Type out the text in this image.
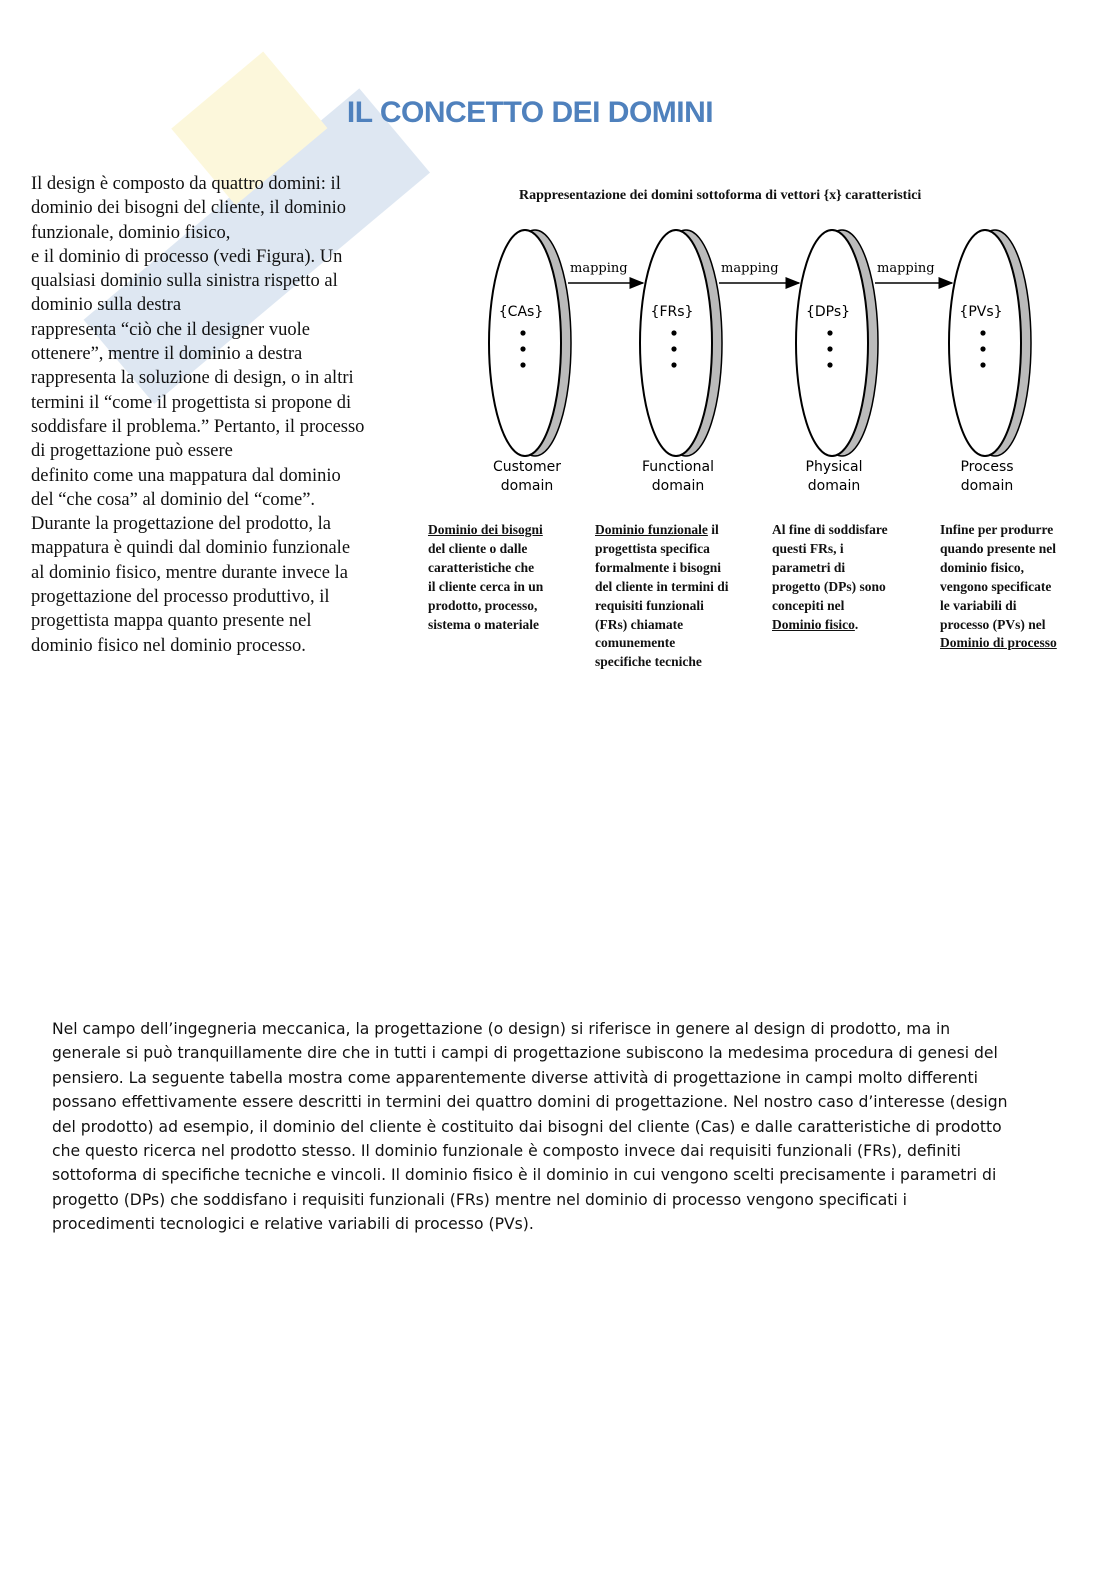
IL CONCETTO DEI DOMINI
Il design è composto da quattro domini: il
dominio dei bisogni del cliente, il dominio
funzionale, dominio fisico,
e il dominio di processo (vedi Figura). Un
qualsiasi dominio sulla sinistra rispetto al
dominio sulla destra
rappresenta “ciò che il designer vuole
ottenere”, mentre il dominio a destra
rappresenta la soluzione di design, o in altri
termini il “come il progettista si propone di
soddisfare il problema.” Pertanto, il processo
di progettazione può essere
definito come una mappatura dal dominio
del “che cosa” al dominio del “come”.
Durante la progettazione del prodotto, la
mappatura è quindi dal dominio funzionale
al dominio fisico, mentre durante invece la
progettazione del processo produttivo, il
progettista mappa quanto presente nel
dominio fisico nel dominio processo.
Rappresentazione dei domini sottoforma di vettori {x} caratteristici
{CAs}
Customer
domain
mapping
{FRs}
Functional
domain
mapping
{DPs}
Physical
domain
mapping
{PVs}
Process
domain
Dominio dei bisogni
del cliente o dalle
caratteristiche che
il cliente cerca in un
prodotto, processo,
sistema o materiale
Dominio funzionale il
progettista specifica
formalmente i bisogni
del cliente in termini di
requisiti funzionali
(FRs) chiamate
comunemente
specifiche tecniche
Al fine di soddisfare
questi FRs, i
parametri di
progetto (DPs) sono
concepiti nel
Dominio fisico.
Infine per produrre
quando presente nel
dominio fisico,
vengono specificate
le variabili di
processo (PVs) nel
Dominio di processo
Nel campo dell’ingegneria meccanica, la progettazione (o design) si riferisce in genere al design di prodotto, ma in
generale si può tranquillamente dire che in tutti i campi di progettazione subiscono la medesima procedura di genesi del
pensiero. La seguente tabella mostra come apparentemente diverse attività di progettazione in campi molto differenti
possano effettivamente essere descritti in termini dei quattro domini di progettazione. Nel nostro caso d’interesse (design
del prodotto) ad esempio, il dominio del cliente è costituito dai bisogni del cliente (Cas) e dalle caratteristiche di prodotto
che questo ricerca nel prodotto stesso. Il dominio funzionale è composto invece dai requisiti funzionali (FRs), definiti
sottoforma di specifiche tecniche e vincoli. Il dominio fisico è il dominio in cui vengono scelti precisamente i parametri di
progetto (DPs) che soddisfano i requisiti funzionali (FRs) mentre nel dominio di processo vengono specificati i
procedimenti tecnologici e relative variabili di processo (PVs).
